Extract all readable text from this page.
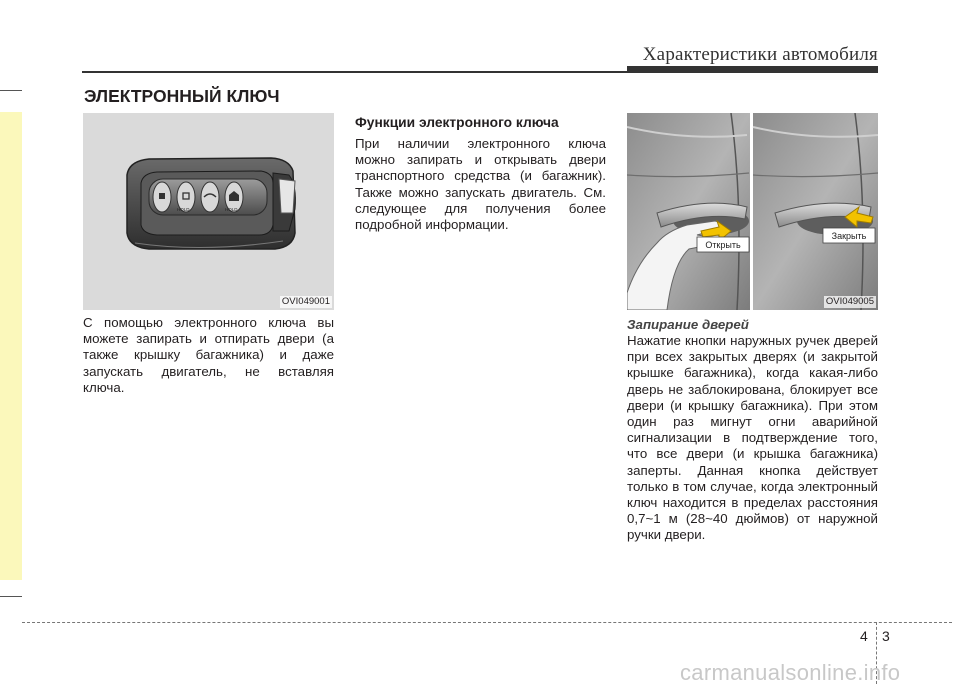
Характеристики автомобиля
ЭЛЕКТРОННЫЙ КЛЮЧ
HOLD	HOLD
OVI049001
Открыть
Закрыть
OVI049005
С помощью электронного ключа вы можете запирать и отпирать двери (а также крышку багажника) и даже запускать двигатель, не вставляя ключа.
Функции электронного ключа
При наличии электронного ключа можно запирать и открывать двери транспортного средства (и багажник). Также можно запускать двигатель. См. следующее для получения более подробной информации.
Запирание дверей
Нажатие кнопки наружных ручек дверей при всех закрытых дверях (и закрытой крышке багажника), когда какая-либо дверь не заблокирована, блокирует все двери (и крышку багажника). При этом один раз мигнут огни аварийной сигнализации в подтверждение того, что все двери (и крышка багажника) заперты. Данная кнопка действует только в том случае, когда электронный ключ находится в пределах расстояния 0,7~1 м (28~40 дюймов) от наружной ручки двери.
4 3
carmanualsonline.info
